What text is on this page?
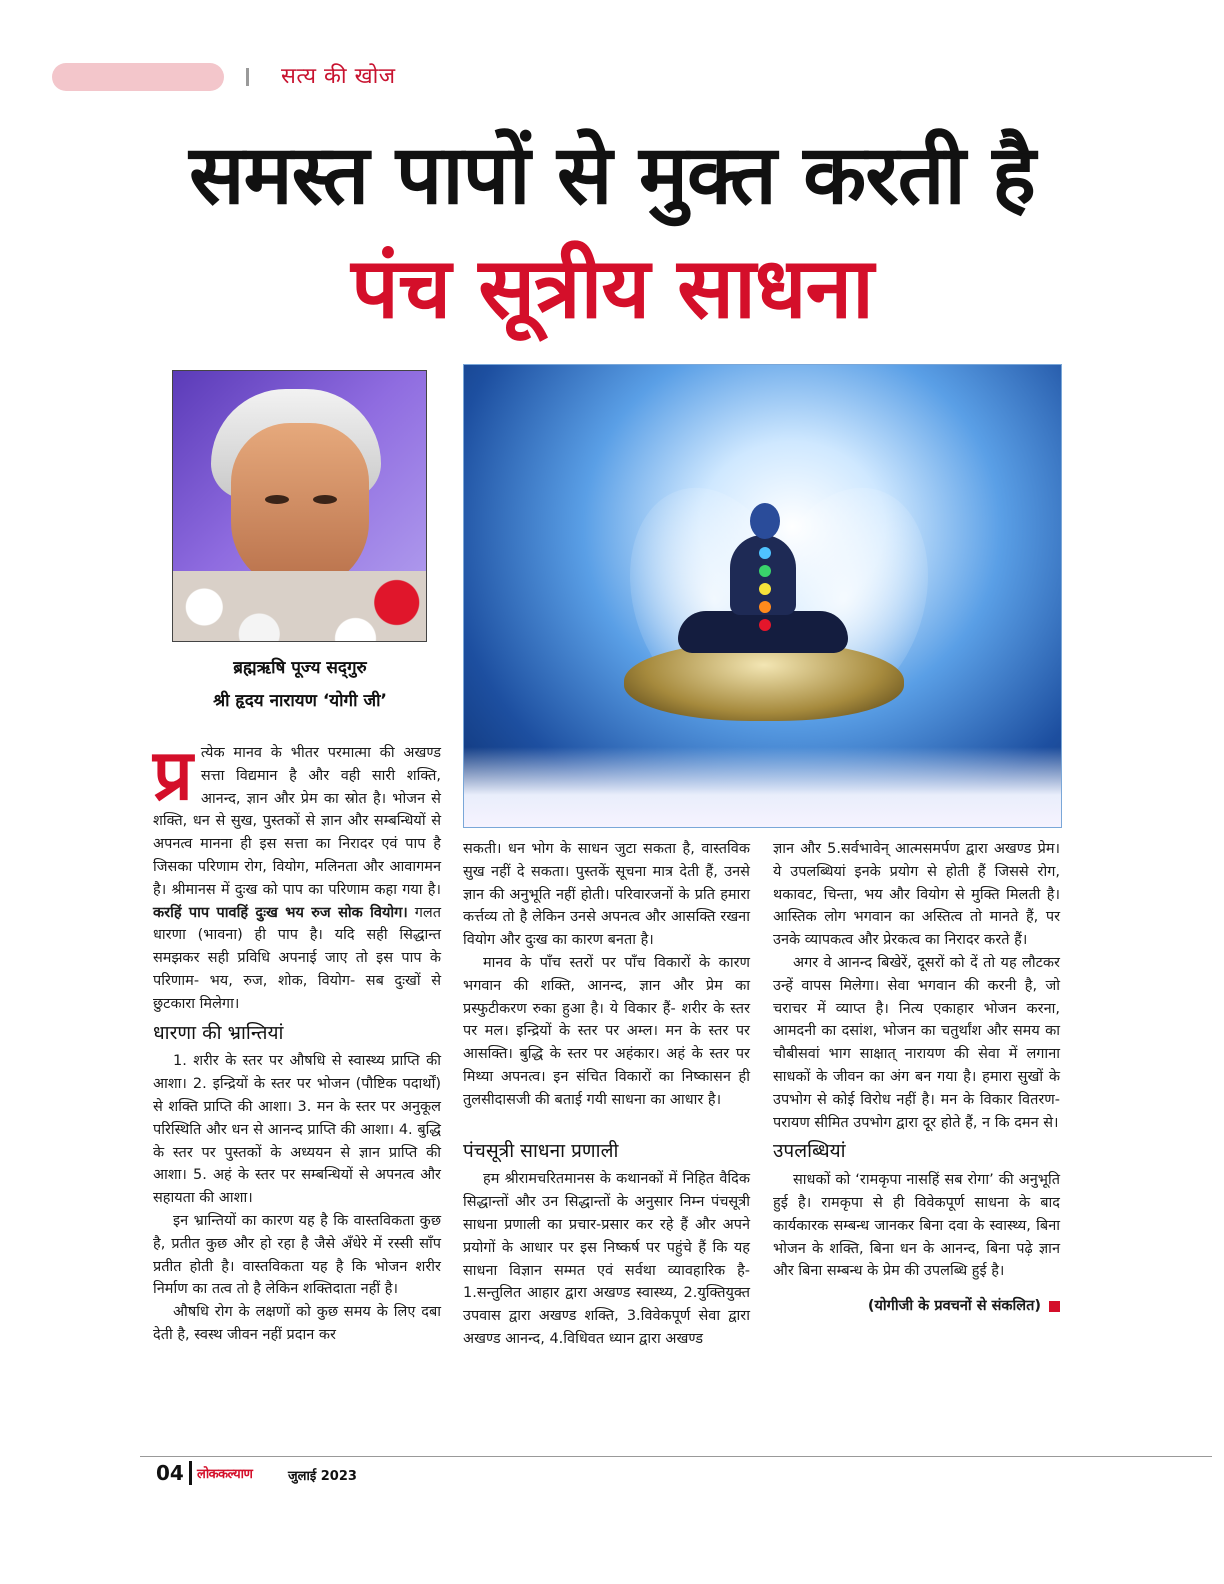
सत्य की खोज
समस्त पापों से मुक्त करती है
पंच सूत्रीय साधना
ब्रह्मऋषि पूज्य सद्‌गुरु
श्री हृदय नारायण ‘योगी जी’

प्र त्येक मानव के भीतर परमात्मा की अखण्ड सत्ता विद्यमान है और वही सारी शक्ति, आनन्द, ज्ञान और प्रेम का स्रोत है। भोजन से शक्ति, धन से सुख, पुस्तकों से ज्ञान और सम्बन्धियों से अपनत्व मानना ही इस सत्ता का निरादर एवं पाप है जिसका परिणाम रोग, वियोग, मलिनता और आवागमन है। श्रीमानस में दुःख को पाप का परिणाम कहा गया है। करहिं पाप पावहिं दुःख भय रुज सोक वियोग। गलत धारणा (भावना) ही पाप है। यदि सही सिद्धान्त समझकर सही प्रविधि अपनाई जाए तो इस पाप के परिणाम- भय, रुज, शोक, वियोग- सब दुःखों से छुटकारा मिलेगा।

धारणा की भ्रान्तियां

1. शरीर के स्तर पर औषधि से स्वास्थ्य प्राप्ति की आशा। 2. इन्द्रियों के स्तर पर भोजन (पौष्टिक पदार्थों) से शक्ति प्राप्ति की आशा। 3. मन के स्तर पर अनुकूल परिस्थिति और धन से आनन्द प्राप्ति की आशा। 4. बुद्धि के स्तर पर पुस्तकों के अध्ययन से ज्ञान प्राप्ति की आशा। 5. अहं के स्तर पर सम्बन्धियों से अपनत्व और सहायता की आशा।

इन भ्रान्तियों का कारण यह है कि वास्तविकता कुछ है, प्रतीत कुछ और हो रहा है जैसे अँधेरे में रस्सी साँप प्रतीत होती है। वास्तविकता यह है कि भोजन शरीर निर्माण का तत्व तो है लेकिन शक्तिदाता नहीं है।

औषधि रोग के लक्षणों को कुछ समय के लिए दबा देती है, स्वस्थ जीवन नहीं प्रदान कर

सकती। धन भोग के साधन जुटा सकता है, वास्तविक सुख नहीं दे सकता। पुस्तकें सूचना मात्र देती हैं, उनसे ज्ञान की अनुभूति नहीं होती। परिवारजनों के प्रति हमारा कर्त्तव्य तो है लेकिन उनसे अपनत्व और आसक्ति रखना वियोग और दुःख का कारण बनता है।

मानव के पाँच स्तरों पर पाँच विकारों के कारण भगवान की शक्ति, आनन्द, ज्ञान और प्रेम का प्रस्फुटीकरण रुका हुआ है। ये विकार हैं- शरीर के स्तर पर मल। इन्द्रियों के स्तर पर अम्ल। मन के स्तर पर आसक्ति। बुद्धि के स्तर पर अहंकार। अहं के स्तर पर मिथ्या अपनत्व। इन संचित विकारों का निष्कासन ही तुलसीदासजी की बताई गयी साधना का आधार है।

पंचसूत्री साधना प्रणाली

हम श्रीरामचरितमानस के कथानकों में निहित वैदिक सिद्धान्तों और उन सिद्धान्तों के अनुसार निम्न पंचसूत्री साधना प्रणाली का प्रचार-प्रसार कर रहे हैं और अपने प्रयोगों के आधार पर इस निष्कर्ष पर पहुंचे हैं कि यह साधना विज्ञान सम्मत एवं सर्वथा व्यावहारिक है- 1.सन्तुलित आहार द्वारा अखण्ड स्वास्थ्य, 2.युक्तियुक्त उपवास द्वारा अखण्ड शक्ति, 3.विवेकपूर्ण सेवा द्वारा अखण्ड आनन्द, 4.विधिवत ध्यान द्वारा अखण्ड

ज्ञान और 5.सर्वभावेन् आत्मसमर्पण द्वारा अखण्ड प्रेम। ये उपलब्धियां इनके प्रयोग से होती हैं जिससे रोग, थकावट, चिन्ता, भय और वियोग से मुक्ति मिलती है। आस्तिक लोग भगवान का अस्तित्व तो मानते हैं, पर उनके व्यापकत्व और प्रेरकत्व का निरादर करते हैं।

अगर वे आनन्द बिखेरें, दूसरों को दें तो यह लौटकर उन्हें वापस मिलेगा। सेवा भगवान की करनी है, जो चराचर में व्याप्त है। नित्य एकाहार भोजन करना, आमदनी का दसांश, भोजन का चतुर्थांश और समय का चौबीसवां भाग साक्षात् नारायण की सेवा में लगाना साधकों के जीवन का अंग बन गया है। हमारा सुखों के उपभोग से कोई विरोध नहीं है। मन के विकार वितरण- परायण सीमित उपभोग द्वारा दूर होते हैं, न कि दमन से।

उपलब्धियां

साधकों को ‘रामकृपा नासहिं सब रोगा’ की अनुभूति हुई है। रामकृपा से ही विवेकपूर्ण साधना के बाद कार्यकारक सम्बन्ध जानकर बिना दवा के स्वास्थ्य, बिना भोजन के शक्ति, बिना धन के आनन्द, बिना पढ़े ज्ञान और बिना सम्बन्ध के प्रेम की उपलब्धि हुई है।

(योगीजी के प्रवचनों से संकलित)
04 लोककल्याण	जुलाई 2023
